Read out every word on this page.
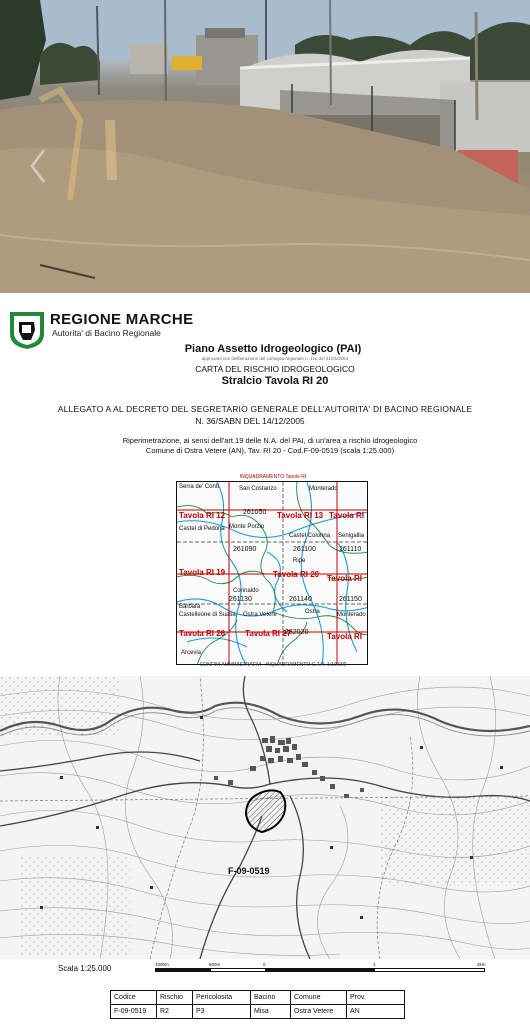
REGIONE MARCHE
Autorita' di Bacino Regionale
Piano Assetto Idrogeologico (PAI)
approvato con deliberazione del consiglio regionale n. 116 del 21/01/2004
CARTA DEL RISCHIO IDROGEOLOGICO
Stralcio Tavola RI 20
ALLEGATO A AL DECRETO DEL SEGRETARIO GENERALE DELL'AUTORITA' DI BACINO REGIONALE
N. 36/SABN DEL 14/12/2005
Riperimetrazione, ai sensi dell'art.19 delle N.A. del PAI, di un'area a rischio idrogeologico
Comune di Ostra Vetere (AN), Tav. RI 20 - Cod.F-09-0519 (scala 1:25.000)
INQUADRAMENTO Tavole RI
Serra de' Conti	San Costanzo	Monterado
Castel di Pedona Monte Porzio
Castel Colonna Senigallia
Corinaldo
Ripe
Barbara
Ostra
Castelleone di Suasa Ostra Vetere	Monterado
Arcevia
Tavola RI 12	Tavola RI 13 Tavola RI
Tavola RI 19	Tavola RI 20 Tavola RI
Tavola RI 26 Tavola RI 27	Tavola RI
261050
261090	261100	261110
261130	261140	261150
282020
CONFINI AMMINISTRATIVI - INQUADRAMENTO C.T.R. 1:10.000
F-09-0519
Scala 1:25.000	1000m	500m	0	1	2km
Codice	Rischio	Pericolosita	Bacino	Comune	Prov.
F-09-0519	R2	P3	Misa	Ostra Vetere	AN
